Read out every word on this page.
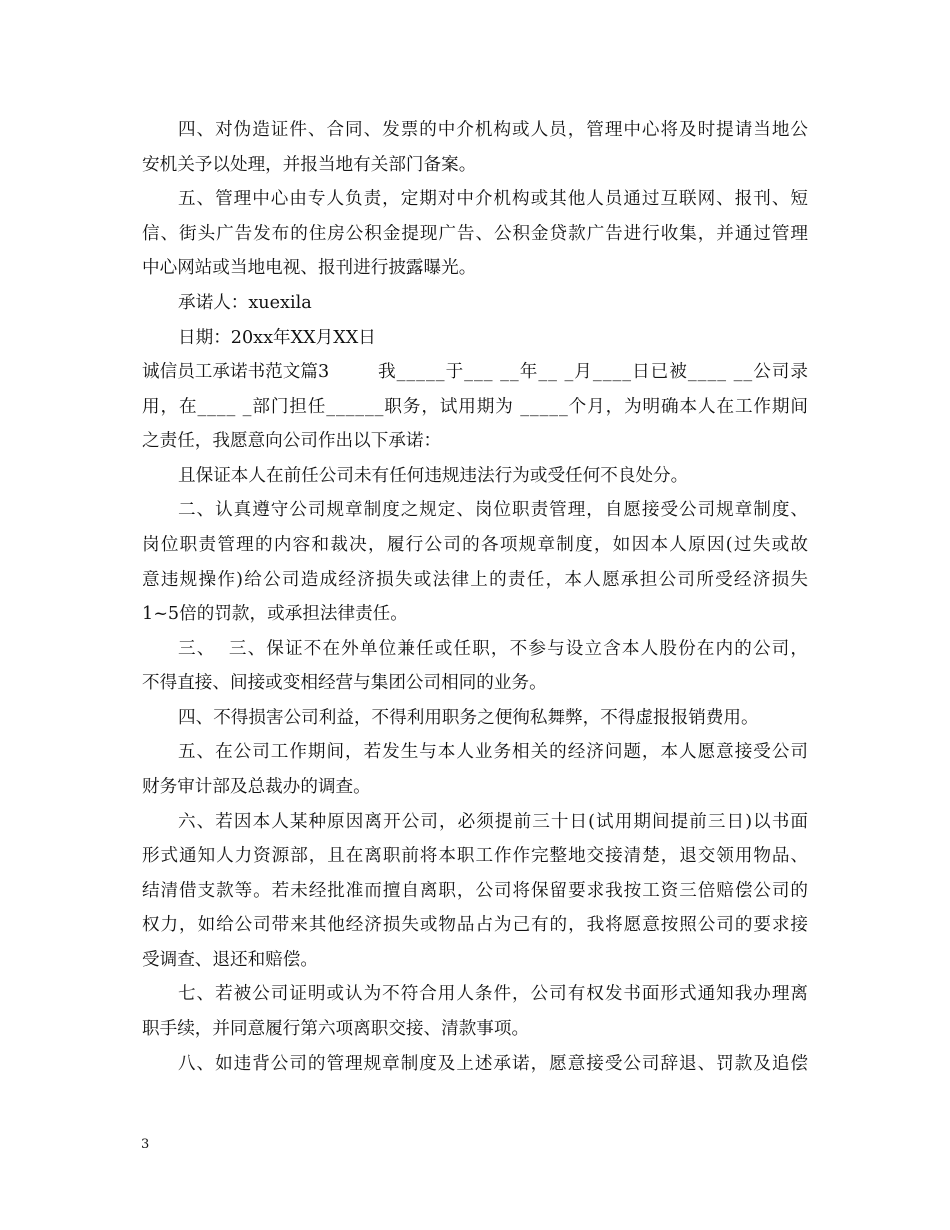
四、对伪造证件、合同、发票的中介机构或人员，管理中心将及时提请当地公
安机关予以处理，并报当地有关部门备案。
五、管理中心由专人负责，定期对中介机构或其他人员通过互联网、报刊、短
信、街头广告发布的住房公积金提现广告、公积金贷款广告进行收集，并通过管理
中心网站或当地电视、报刊进行披露曝光。
承诺人：xuexila
日期：20xx年XX月XX日
诚信员工承诺书范文篇3	我_____于___ __年__ _月____日已被____ __公司录
用，在____ _部门担任______职务，试用期为 _____个月，为明确本人在工作期间
之责任，我愿意向公司作出以下承诺：
且保证本人在前任公司未有任何违规违法行为或受任何不良处分。
二、认真遵守公司规章制度之规定、岗位职责管理，自愿接受公司规章制度、
岗位职责管理的内容和裁决，履行公司的各项规章制度，如因本人原因(过失或故
意违规操作)给公司造成经济损失或法律上的责任，本人愿承担公司所受经济损失
1~5倍的罚款，或承担法律责任。
三、  三、保证不在外单位兼任或任职，不参与设立含本人股份在内的公司，
不得直接、间接或变相经营与集团公司相同的业务。
四、不得损害公司利益，不得利用职务之便徇私舞弊，不得虚报报销费用。
五、在公司工作期间，若发生与本人业务相关的经济问题，本人愿意接受公司
财务审计部及总裁办的调查。
六、若因本人某种原因离开公司，必须提前三十日(试用期间提前三日)以书面
形式通知人力资源部，且在离职前将本职工作作完整地交接清楚，退交领用物品、
结清借支款等。若未经批准而擅自离职，公司将保留要求我按工资三倍赔偿公司的
权力，如给公司带来其他经济损失或物品占为己有的，我将愿意按照公司的要求接
受调查、退还和赔偿。
七、若被公司证明或认为不符合用人条件，公司有权发书面形式通知我办理离
职手续，并同意履行第六项离职交接、清款事项。
八、如违背公司的管理规章制度及上述承诺，愿意接受公司辞退、罚款及追偿
3
